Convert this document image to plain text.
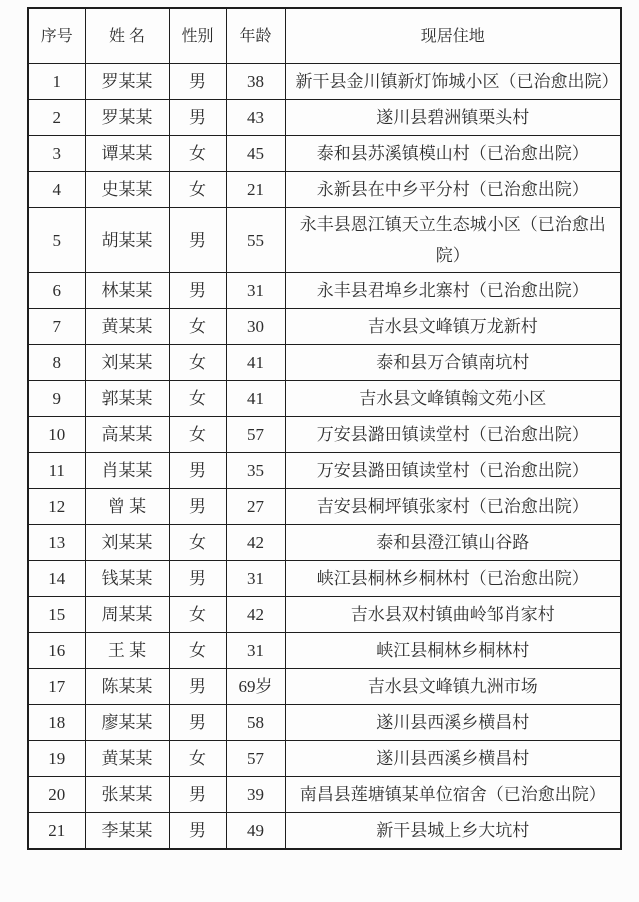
序号	姓 名	性别	年龄	现居住地
1	罗某某	男	38	新干县金川镇新灯饰城小区（已治愈出院）
2	罗某某	男	43	遂川县碧洲镇栗头村
3	谭某某	女	45	泰和县苏溪镇模山村（已治愈出院）
4	史某某	女	21	永新县在中乡平分村（已治愈出院）
5	胡某某	男	55	永丰县恩江镇天立生态城小区（已治愈出院）
6	林某某	男	31	永丰县君埠乡北寨村（已治愈出院）
7	黄某某	女	30	吉水县文峰镇万龙新村
8	刘某某	女	41	泰和县万合镇南坑村
9	郭某某	女	41	吉水县文峰镇翰文苑小区
10	高某某	女	57	万安县潞田镇读堂村（已治愈出院）
11	肖某某	男	35	万安县潞田镇读堂村（已治愈出院）
12	曾 某	男	27	吉安县桐坪镇张家村（已治愈出院）
13	刘某某	女	42	泰和县澄江镇山谷路
14	钱某某	男	31	峡江县桐林乡桐林村（已治愈出院）
15	周某某	女	42	吉水县双村镇曲岭邹肖家村
16	王 某	女	31	峡江县桐林乡桐林村
17	陈某某	男	69岁	吉水县文峰镇九洲市场
18	廖某某	男	58	遂川县西溪乡横昌村
19	黄某某	女	57	遂川县西溪乡横昌村
20	张某某	男	39	南昌县莲塘镇某单位宿舍（已治愈出院）
21	李某某	男	49	新干县城上乡大坑村
